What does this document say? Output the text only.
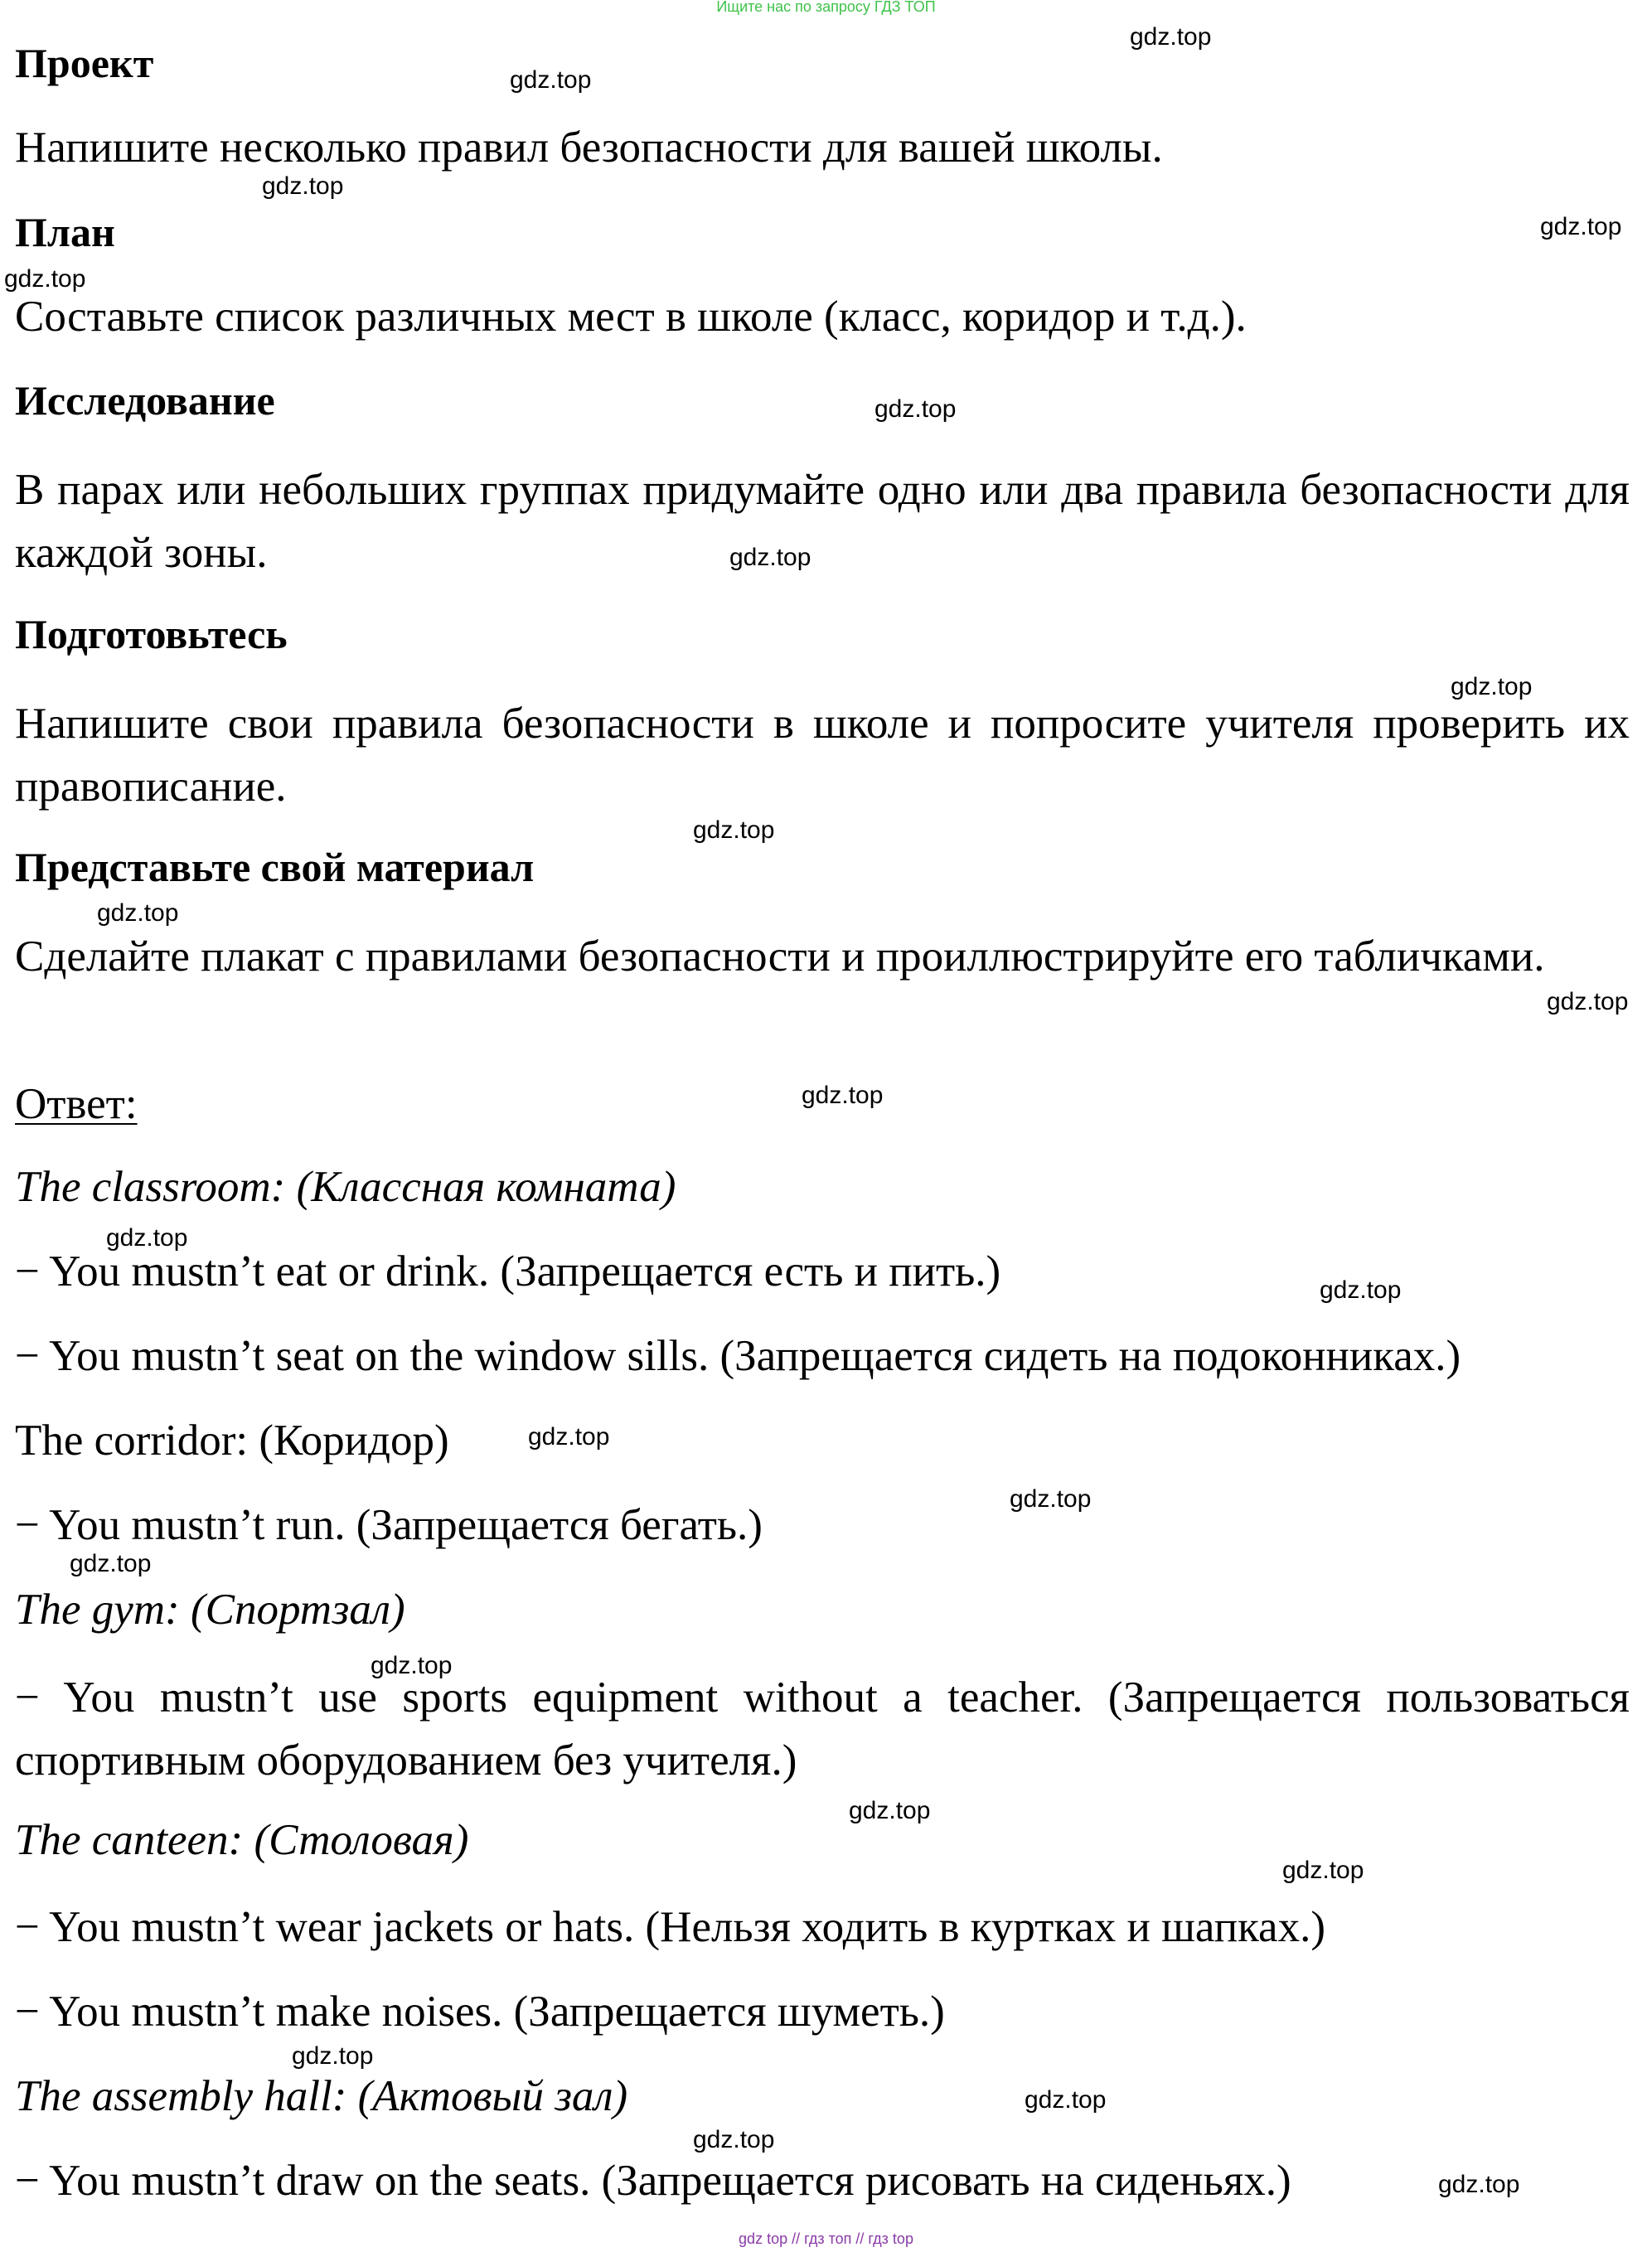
Ищите нас по запросу ГДЗ ТОП
Проект
Напишите несколько правил безопасности для вашей школы.
План
Составьте список различных мест в школе (класс, коридор и т.д.).
Исследование
В парах или небольших группах придумайте одно или два правила безопасности для каждой зоны.
Подготовьтесь
Напишите свои правила безопасности в школе и попросите учителя проверить их правописание.
Представьте свой материал
Сделайте плакат с правилами безопасности и проиллюстрируйте его табличками.
Ответ:
The classroom: (Классная комната)
− You mustn’t eat or drink. (Запрещается есть и пить.)
− You mustn’t seat on the window sills. (Запрещается сидеть на подоконниках.)
The corridor: (Коридор)
− You mustn’t run. (Запрещается бегать.)
The gym: (Спортзал)
− You mustn’t use sports equipment without a teacher. (Запрещается пользоваться спортивным оборудованием без учителя.)
The canteen: (Столовая)
− You mustn’t wear jackets or hats. (Нельзя ходить в куртках и шапках.)
− You mustn’t make noises. (Запрещается шуметь.)
The assembly hall: (Актовый зал)
− You mustn’t draw on the seats. (Запрещается рисовать на сиденьях.)
gdz.top
gdz.top
gdz.top
gdz.top
gdz.top
gdz.top
gdz.top
gdz.top
gdz.top
gdz.top
gdz.top
gdz.top
gdz.top
gdz.top
gdz.top
gdz.top
gdz.top
gdz.top
gdz.top
gdz.top
gdz.top
gdz.top
gdz.top
gdz.top
gdz top // гдз топ // гдз top
